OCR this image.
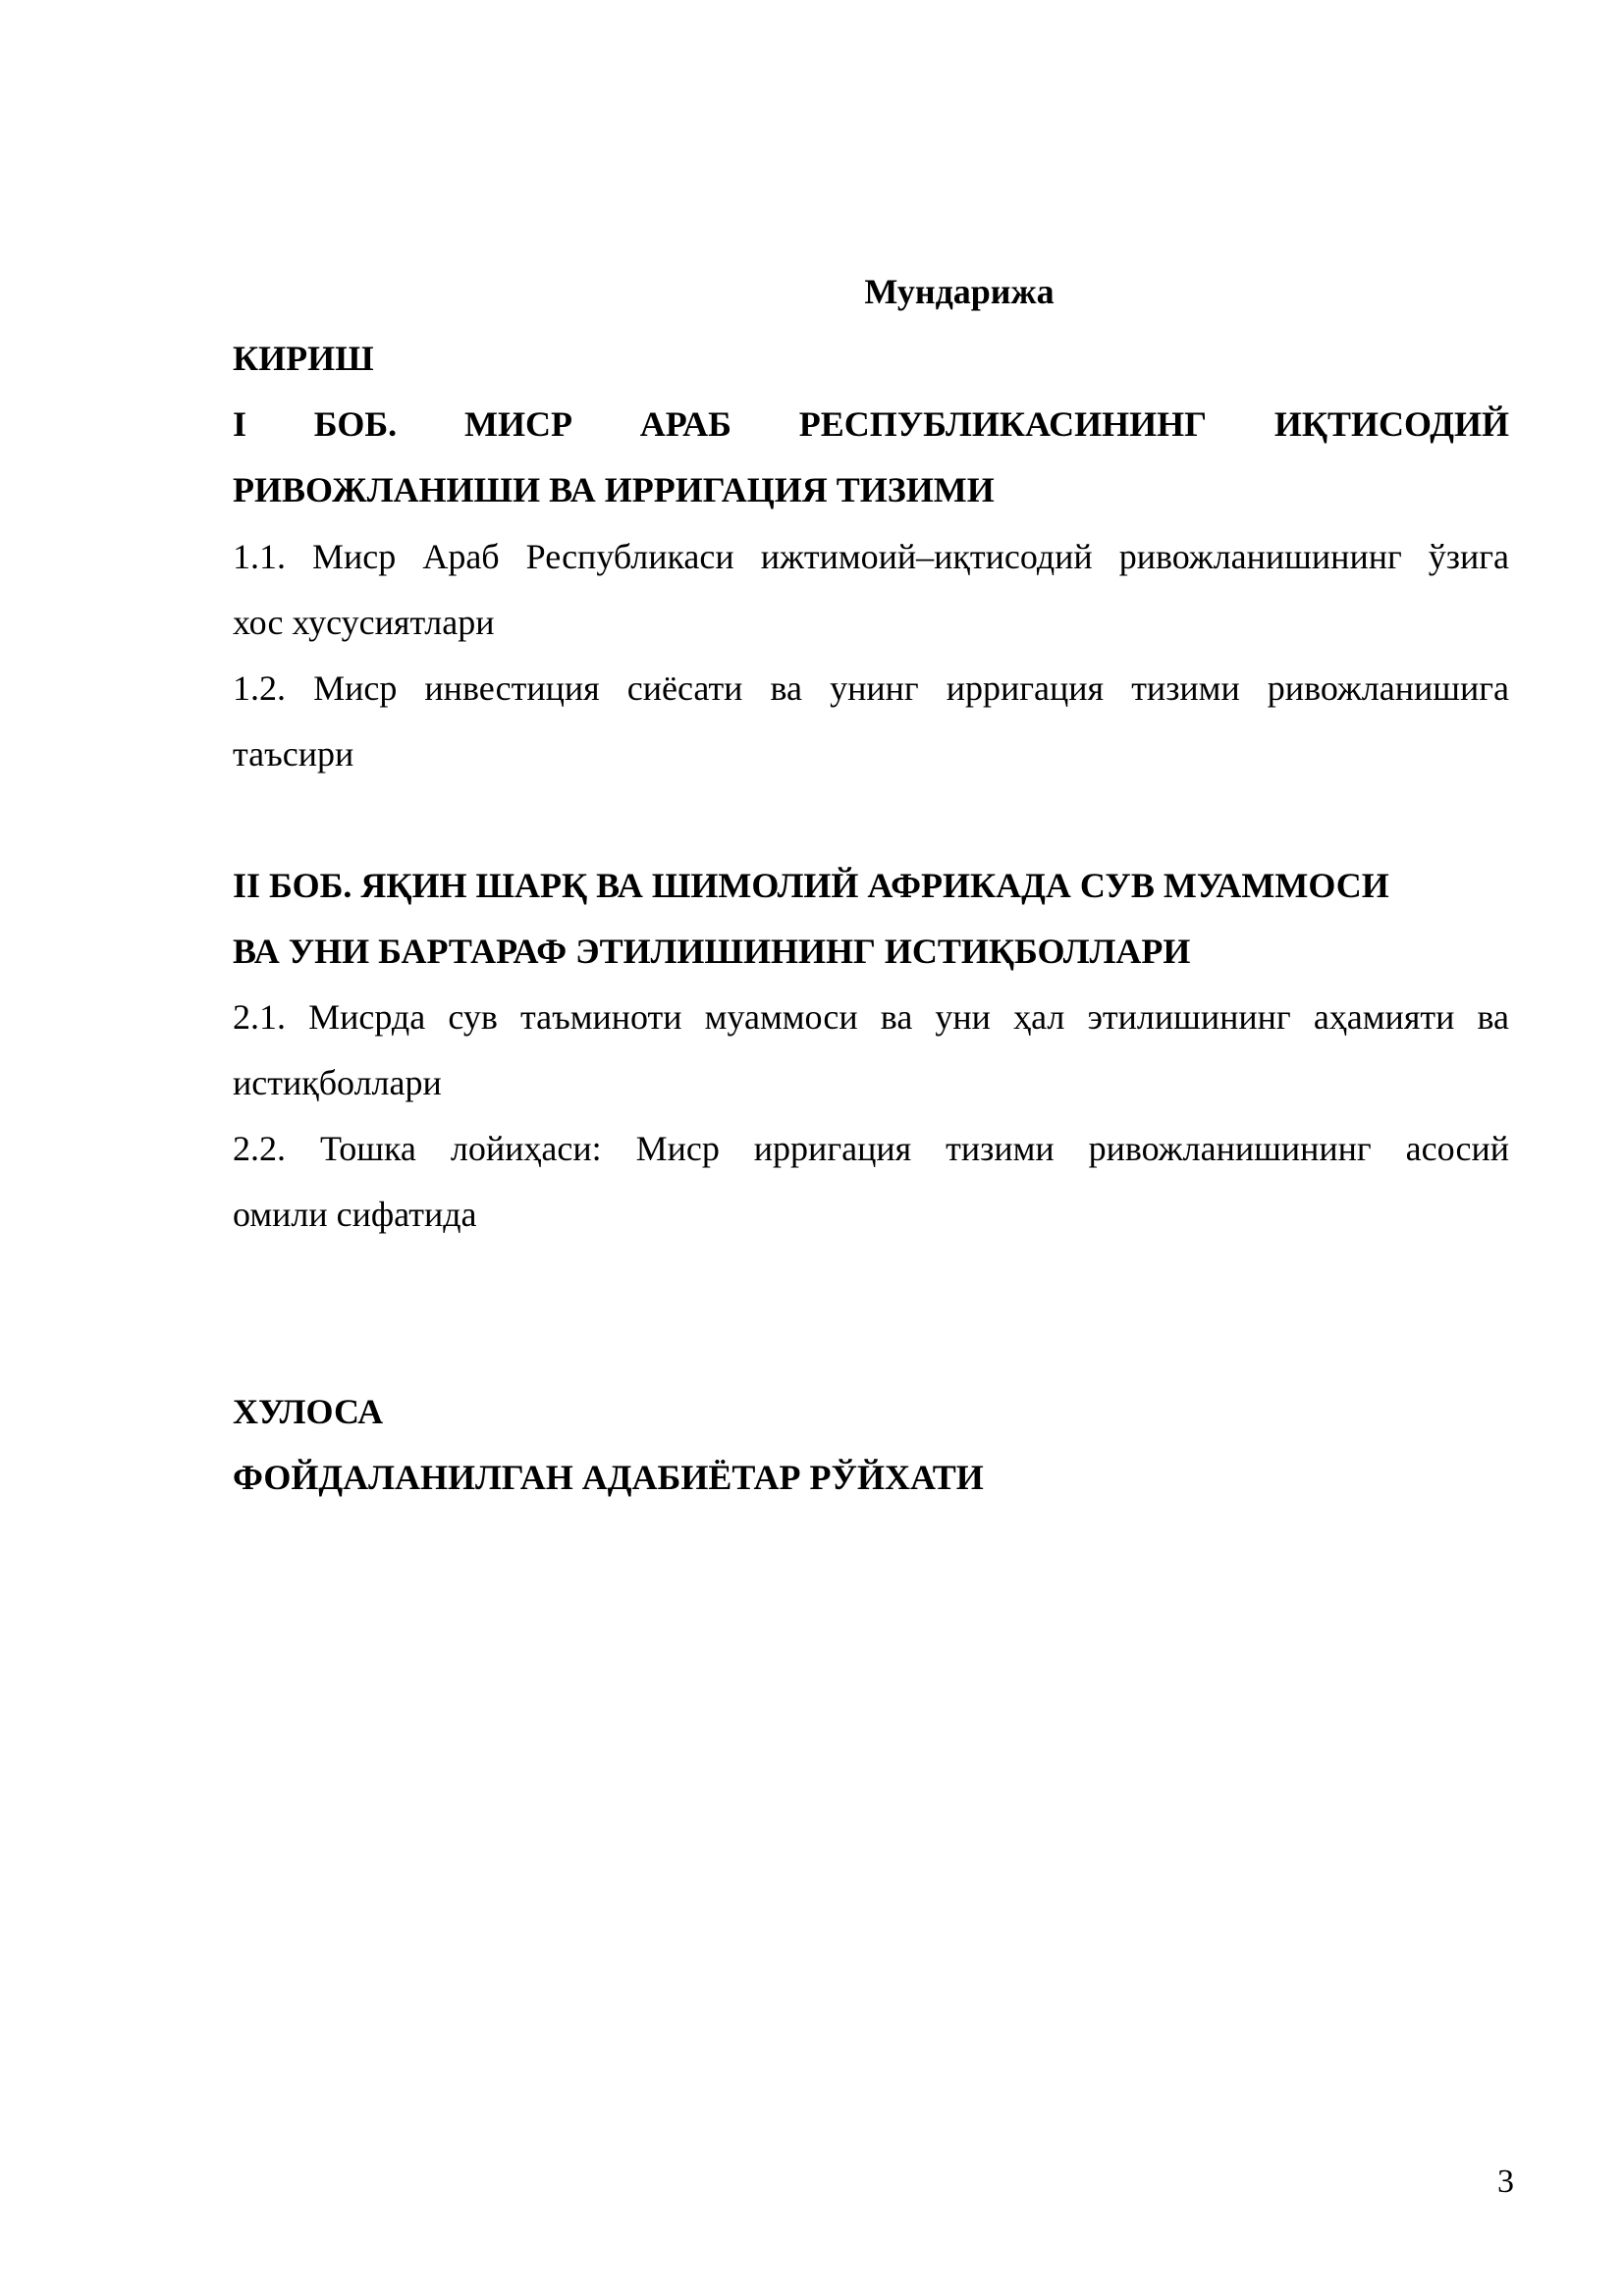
Мундарижа
КИРИШ
I БОБ. МИСР АРАБ РЕСПУБЛИКАСИНИНГ ИҚТИСОДИЙ
РИВОЖЛАНИШИ ВА ИРРИГАЦИЯ ТИЗИМИ
1.1. Миср Араб Республикаси ижтимоий–иқтисодий ривожланишининг ўзига
хос хусусиятлари
1.2. Миср инвестиция сиёсати ва унинг ирригация тизими ривожланишига
таъсири
II БОБ. ЯҚИН ШАРҚ ВА ШИМОЛИЙ АФРИКАДА СУВ МУАММОСИ
ВА УНИ БАРТАРАФ ЭТИЛИШИНИНГ ИСТИҚБОЛЛАРИ
2.1. Мисрда сув таъминоти муаммоси ва уни ҳал этилишининг аҳамияти ва
истиқболлари
2.2. Тошка лойиҳаси: Миср ирригация тизими ривожланишининг асосий
омили сифатида
ХУЛОСА
ФОЙДАЛАНИЛГАН АДАБИЁТАР РЎЙХАТИ
3
